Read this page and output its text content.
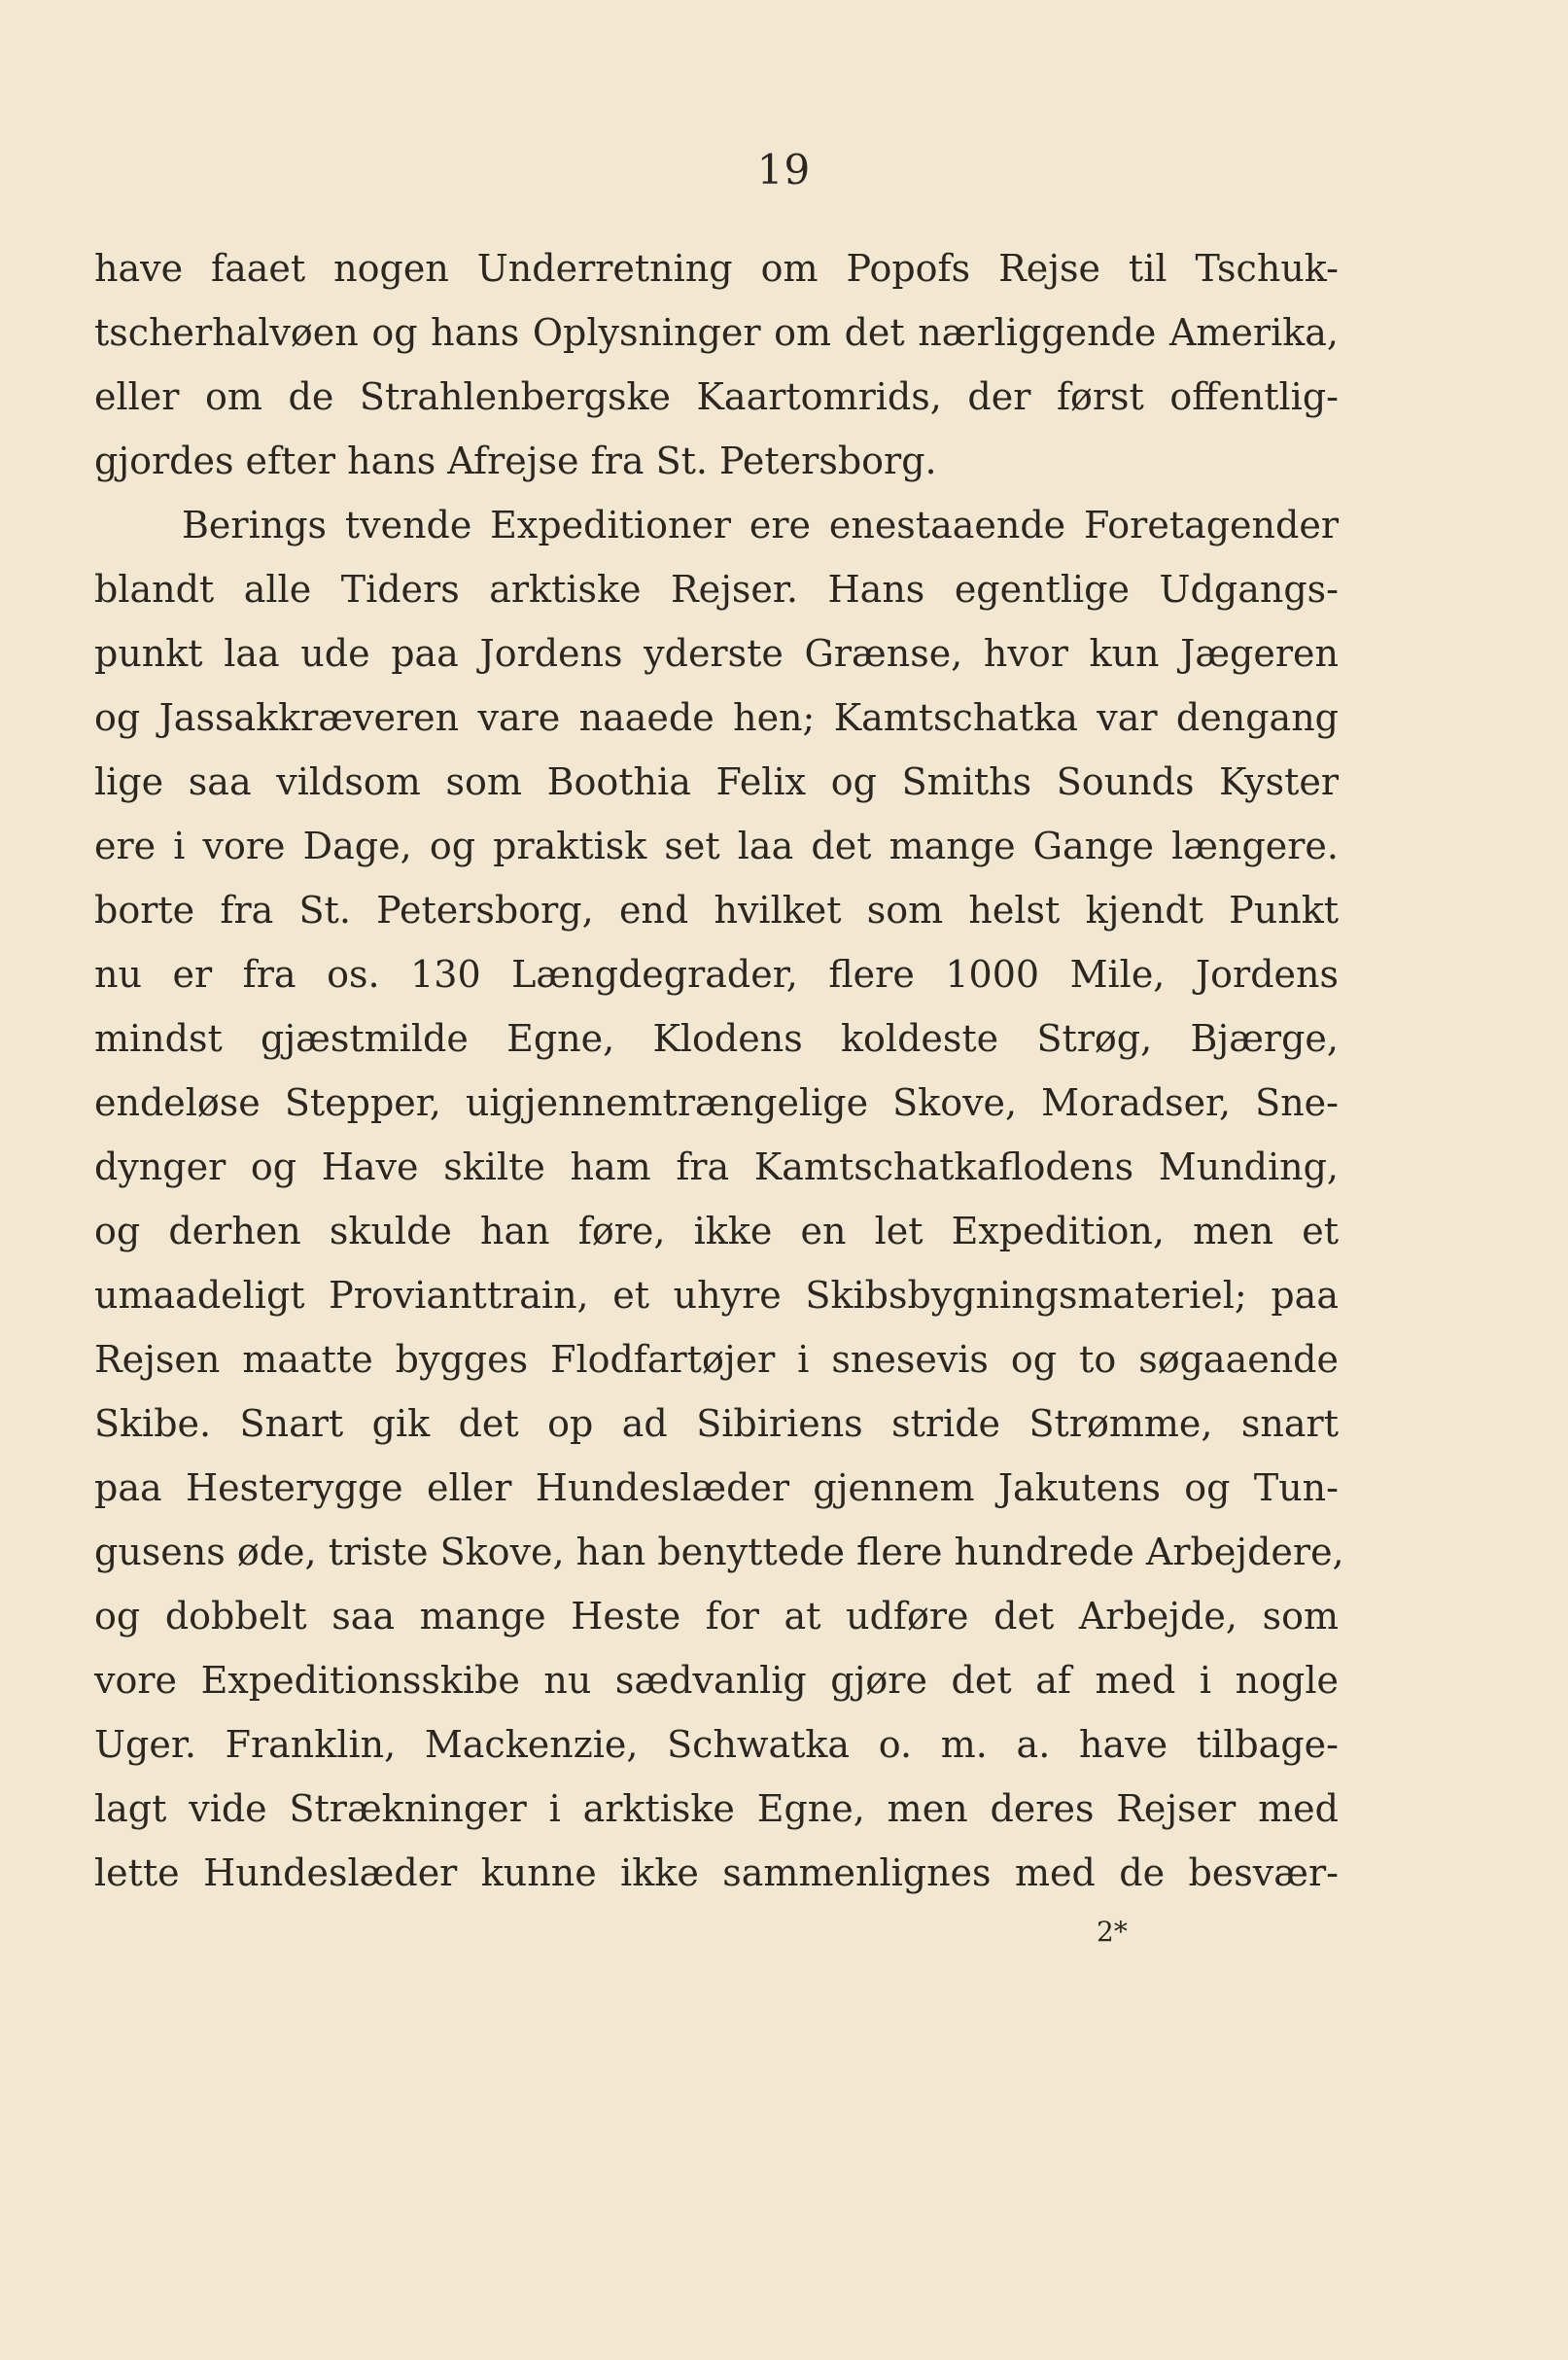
19
have faaet nogen Underretning om Popofs Rejse til Tschuk-
tscherhalvøen og hans Oplysninger om det nærliggende Amerika,
eller om de Strahlenbergske Kaartomrids, der først offentlig-
gjordes efter hans Afrejse fra St. Petersborg.
Berings tvende Expeditioner ere enestaaende Foretagender
blandt alle Tiders arktiske Rejser. Hans egentlige Udgangs-
punkt laa ude paa Jordens yderste Grænse, hvor kun Jægeren
og Jassakkræveren vare naaede hen; Kamtschatka var dengang
lige saa vildsom som Boothia Felix og Smiths Sounds Kyster
ere i vore Dage, og praktisk set laa det mange Gange længere.
borte fra St. Petersborg, end hvilket som helst kjendt Punkt
nu er fra os. 130 Længdegrader, flere 1000 Mile, Jordens
mindst gjæstmilde Egne, Klodens koldeste Strøg, Bjærge,
endeløse Stepper, uigjennemtrængelige Skove, Moradser, Sne-
dynger og Have skilte ham fra Kamtschatkaflodens Munding,
og derhen skulde han føre, ikke en let Expedition, men et
umaadeligt Provianttrain, et uhyre Skibsbygningsmateriel; paa
Rejsen maatte bygges Flodfartøjer i snesevis og to søgaaende
Skibe. Snart gik det op ad Sibiriens stride Strømme, snart
paa Hesterygge eller Hundeslæder gjennem Jakutens og Tun-
gusens øde, triste Skove, han benyttede flere hundrede Arbejdere,
og dobbelt saa mange Heste for at udføre det Arbejde, som
vore Expeditionsskibe nu sædvanlig gjøre det af med i nogle
Uger. Franklin, Mackenzie, Schwatka o. m. a. have tilbage-
lagt vide Strækninger i arktiske Egne, men deres Rejser med
lette Hundeslæder kunne ikke sammenlignes med de besvær-
2*
